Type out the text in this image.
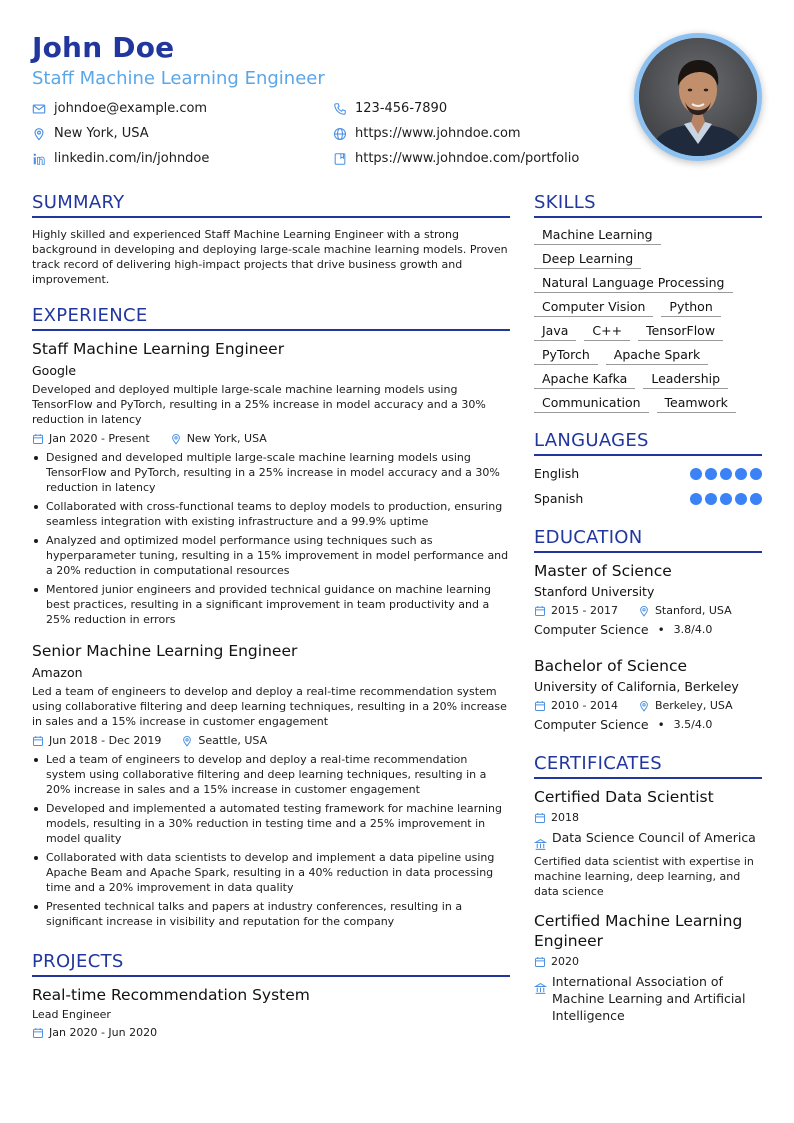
John Doe
Staff Machine Learning Engineer
johndoe@example.com	123-456-7890
New York, USA	https://www.johndoe.com
linkedin.com/in/johndoe	https://www.johndoe.com/portfolio
SUMMARY
Highly skilled and experienced Staff Machine Learning Engineer with a strong background in developing and deploying large-scale machine learning models. Proven track record of delivering high-impact projects that drive business growth and improvement.
EXPERIENCE
Staff Machine Learning Engineer
Google
Developed and deployed multiple large-scale machine learning models using TensorFlow and PyTorch, resulting in a 25% increase in model accuracy and a 30% reduction in latency
Jan 2020 - Present	New York, USA
Designed and developed multiple large-scale machine learning models using TensorFlow and PyTorch, resulting in a 25% increase in model accuracy and a 30% reduction in latency
Collaborated with cross-functional teams to deploy models to production, ensuring seamless integration with existing infrastructure and a 99.9% uptime
Analyzed and optimized model performance using techniques such as hyperparameter tuning, resulting in a 15% improvement in model performance and a 20% reduction in computational resources
Mentored junior engineers and provided technical guidance on machine learning best practices, resulting in a significant improvement in team productivity and a 25% reduction in errors
Senior Machine Learning Engineer
Amazon
Led a team of engineers to develop and deploy a real-time recommendation system using collaborative filtering and deep learning techniques, resulting in a 20% increase in sales and a 15% increase in customer engagement
Jun 2018 - Dec 2019	Seattle, USA
Led a team of engineers to develop and deploy a real-time recommendation system using collaborative filtering and deep learning techniques, resulting in a 20% increase in sales and a 15% increase in customer engagement
Developed and implemented a automated testing framework for machine learning models, resulting in a 30% reduction in testing time and a 25% improvement in model quality
Collaborated with data scientists to develop and implement a data pipeline using Apache Beam and Apache Spark, resulting in a 40% reduction in data processing time and a 20% improvement in data quality
Presented technical talks and papers at industry conferences, resulting in a significant increase in visibility and reputation for the company
PROJECTS
Real-time Recommendation System
Lead Engineer
Jan 2020 - Jun 2020
SKILLS
Machine Learning
Deep Learning
Natural Language Processing
Computer Vision	Python
Java	C++	TensorFlow
PyTorch	Apache Spark
Apache Kafka	Leadership
Communication	Teamwork
LANGUAGES
English
Spanish
EDUCATION
Master of Science
Stanford University
2015 - 2017	Stanford, USA
Computer Science • 3.8/4.0
Bachelor of Science
University of California, Berkeley
2010 - 2014	Berkeley, USA
Computer Science • 3.5/4.0
CERTIFICATES
Certified Data Scientist
2018
Data Science Council of America
Certified data scientist with expertise in machine learning, deep learning, and data science
Certified Machine Learning Engineer
2020
International Association of Machine Learning and Artificial Intelligence
